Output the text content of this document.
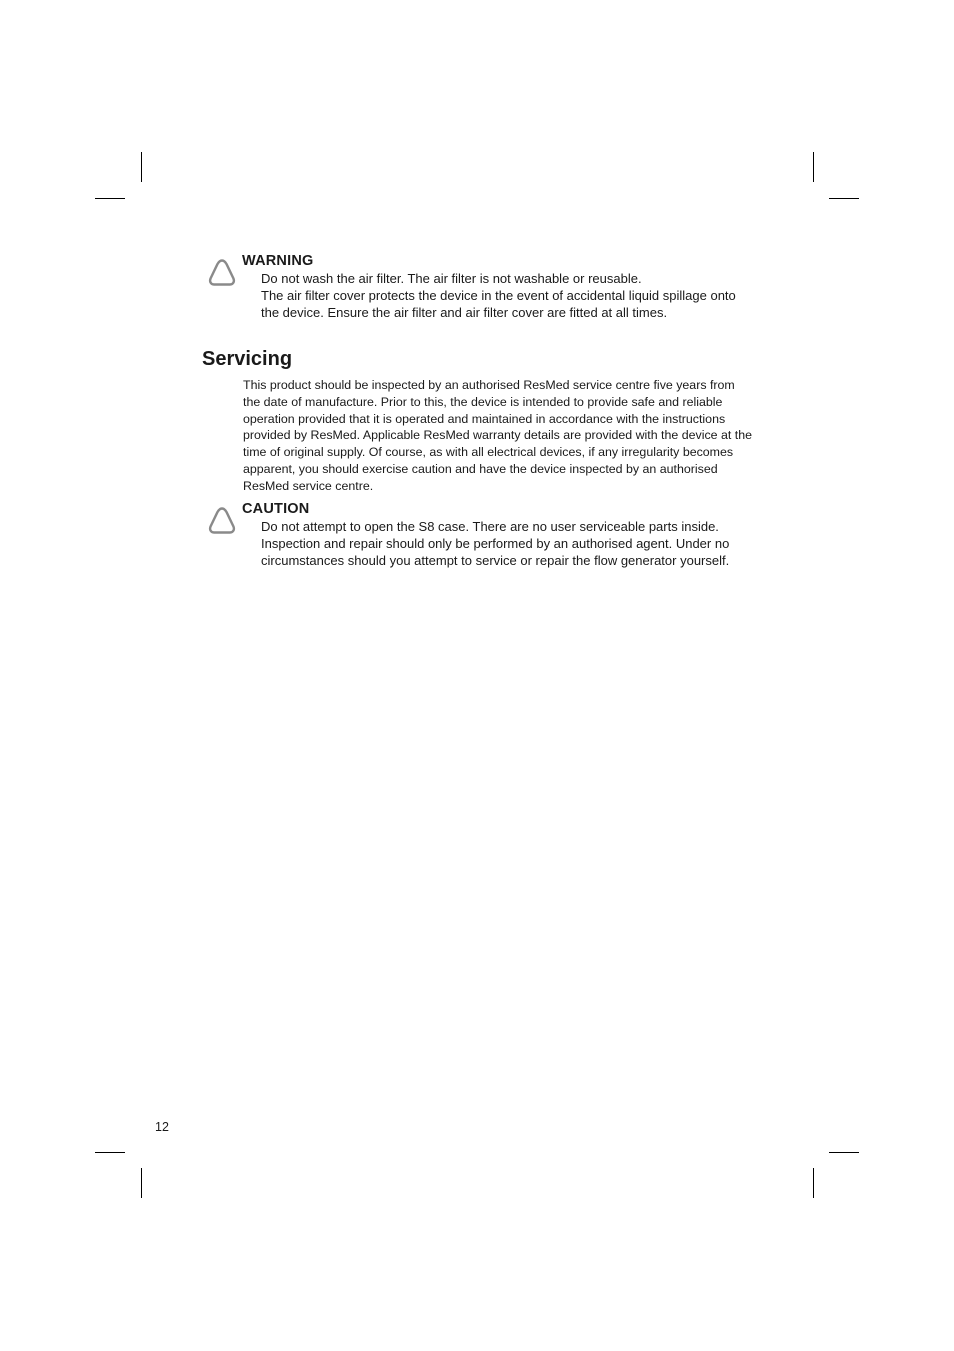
WARNING

Do not wash the air filter. The air filter is not washable or reusable.

The air filter cover protects the device in the event of accidental liquid spillage onto the device. Ensure the air filter and air filter cover are fitted at all times.

Servicing

This product should be inspected by an authorised ResMed service centre five years from the date of manufacture. Prior to this, the device is intended to provide safe and reliable operation provided that it is operated and maintained in accordance with the instructions provided by ResMed. Applicable ResMed warranty details are provided with the device at the time of original supply. Of course, as with all electrical devices, if any irregularity becomes apparent, you should exercise caution and have the device inspected by an authorised ResMed service centre.

CAUTION

Do not attempt to open the S8 case. There are no user serviceable parts inside.

Inspection and repair should only be performed by an authorised agent. Under no circumstances should you attempt to service or repair the flow generator yourself.

12
